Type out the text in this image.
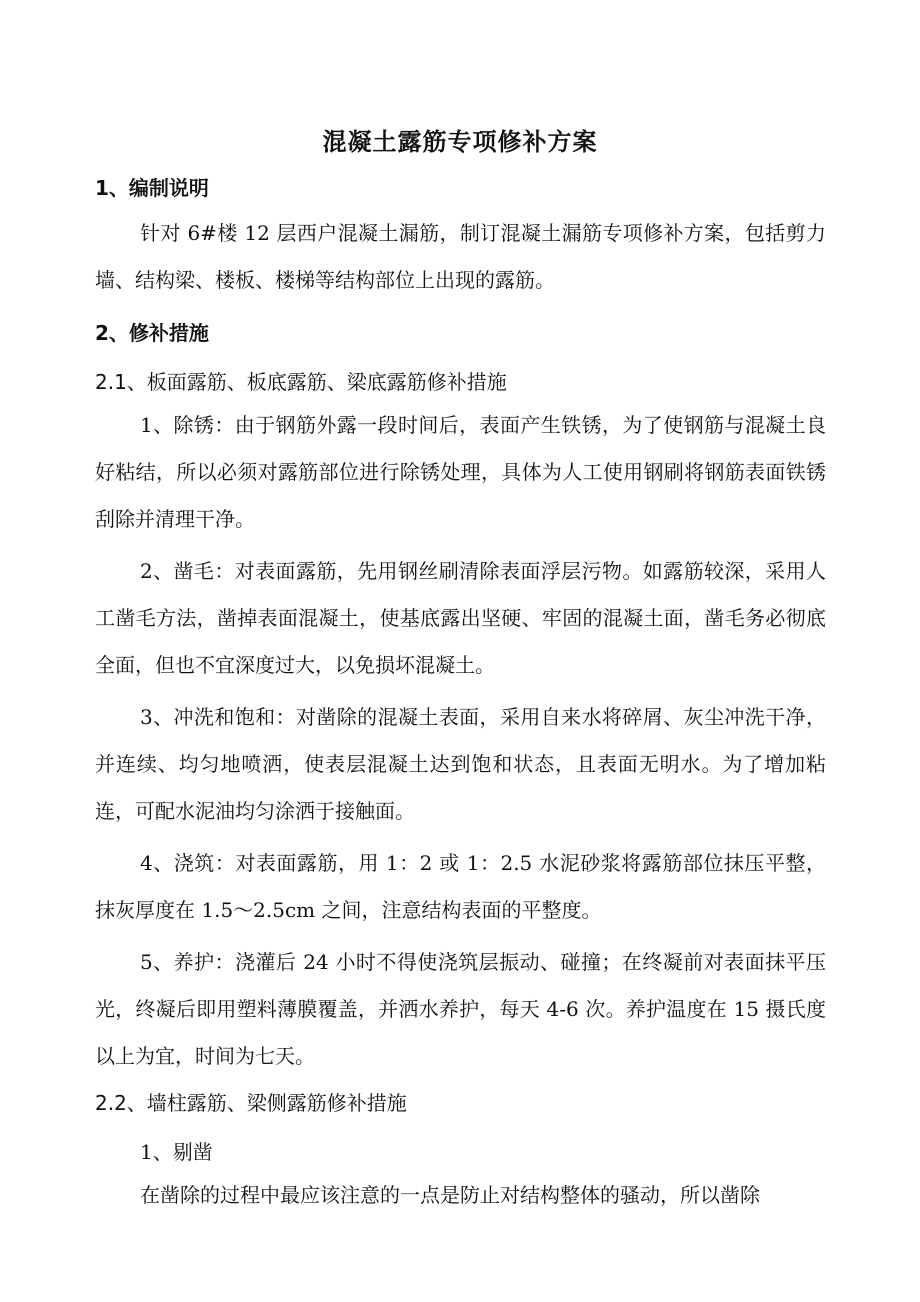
混凝土露筋专项修补方案
1、编制说明
针对 6#楼 12 层西户混凝土漏筋，制订混凝土漏筋专项修补方案，包括剪力墙、结构梁、楼板、楼梯等结构部位上出现的露筋。
2、修补措施
2.1、板面露筋、板底露筋、梁底露筋修补措施
1、除锈：由于钢筋外露一段时间后，表面产生铁锈，为了使钢筋与混凝土良好粘结，所以必须对露筋部位进行除锈处理，具体为人工使用钢刷将钢筋表面铁锈刮除并清理干净。
2、凿毛：对表面露筋，先用钢丝刷清除表面浮层污物。如露筋较深，采用人工凿毛方法，凿掉表面混凝土，使基底露出坚硬、牢固的混凝土面，凿毛务必彻底全面，但也不宜深度过大，以免损坏混凝土。
3、冲洗和饱和：对凿除的混凝土表面，采用自来水将碎屑、灰尘冲洗干净，并连续、均匀地喷洒，使表层混凝土达到饱和状态，且表面无明水。为了增加粘连，可配水泥油均匀涂洒于接触面。
4、浇筑：对表面露筋，用 1：2 或 1：2.5 水泥砂浆将露筋部位抹压平整，抹灰厚度在 1.5～2.5cm 之间，注意结构表面的平整度。
5、养护：浇灌后 24 小时不得使浇筑层振动、碰撞；在终凝前对表面抹平压光，终凝后即用塑料薄膜覆盖，并洒水养护，每天 4-6 次。养护温度在 15 摄氏度以上为宜，时间为七天。
2.2、墙柱露筋、梁侧露筋修补措施
1、剔凿
在凿除的过程中最应该注意的一点是防止对结构整体的骚动，所以凿除
